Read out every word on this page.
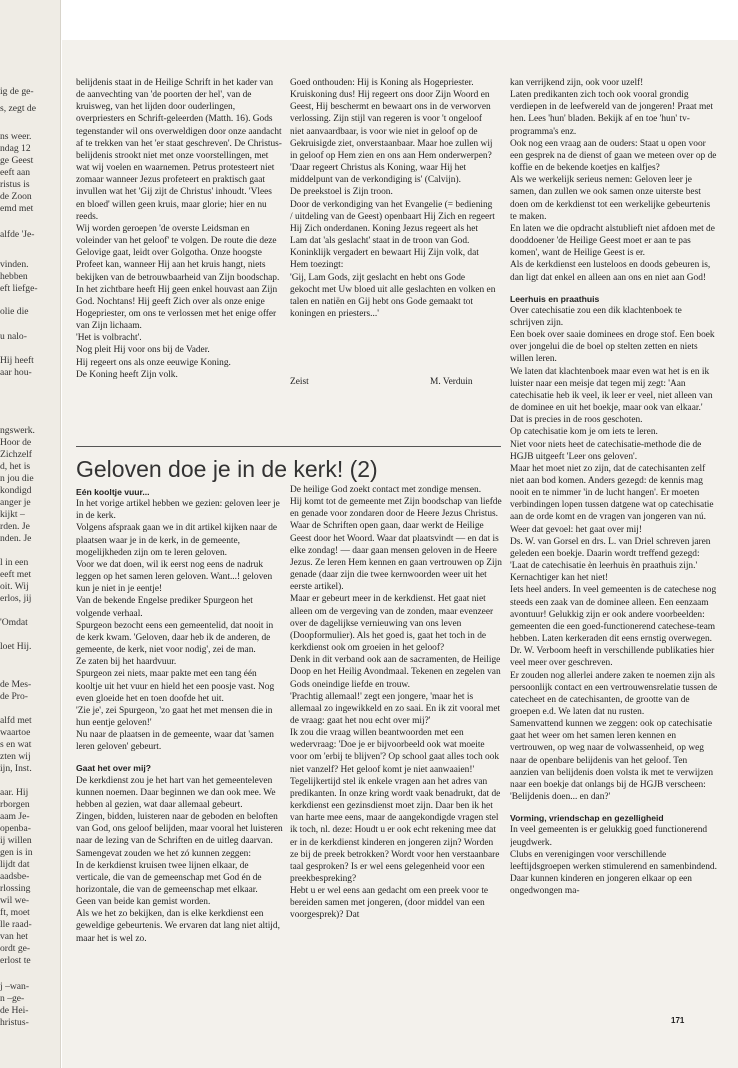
ig de ge-
s, zegt de
ns weer.
ndag 12
ge Geest
eeft aan
ristus is
de Zoon
emd met
alfde 'Je-
vinden.
hebben
eft liefge-
olie die
u nalo-
Hij heeft
aar hou-
ngswerk.
Hoor de
Zichzelf
d, het is
n jou die
kondigd
anger je
kijkt –
rden. Je
nden. Je
l in een
eeft met
oit. Wij
erlos, jij
'Omdat
loet Hij.
de Mes-
de Pro-
alfd met
waartoe
s en wat
zten wij
ijn, Inst.
aar. Hij
rborgen
aam Je-
openba-
ij willen
gen is in
lijdt dat
aadsbe-
rlossing
wil we-
ft, moet
lle raad-
van het
ordt ge-
erlost te
j –wan-
n –ge-
de Hei-
hristus-

belijdenis staat in de Heilige Schrift in het kader van de aanvechting van 'de poorten der hel', van de kruisweg, van het lijden door ouderlingen, overpriesters en Schrift-geleerden (Matth. 16). Gods tegenstander wil ons overweldigen door onze aandacht af te trekken van het 'er staat geschreven'. De Christus-belijdenis strookt niet met onze voorstellingen, met wat wij voelen en waarnemen. Petrus protesteert niet zomaar wanneer Jezus profeteert en praktisch gaat invullen wat het 'Gij zijt de Christus' inhoudt. 'Vlees en bloed' willen geen kruis, maar glorie; hier en nu reeds.

Wij worden geroepen 'de overste Leidsman en voleinder van het geloof' te volgen. De route die deze Gelovige gaat, leidt over Golgotha. Onze hoogste Profeet kan, wanneer Hij aan het kruis hangt, niets bekijken van de betrouwbaarheid van Zijn boodschap. In het zichtbare heeft Hij geen enkel houvast aan Zijn God. Nochtans! Hij geeft Zich over als onze enige Hogepriester, om ons te verlossen met het enige offer van Zijn lichaam.

'Het is volbracht'.

Nog pleit Hij voor ons bij de Vader.

Hij regeert ons als onze eeuwige Koning.

De Koning heeft Zijn volk.

Goed onthouden: Hij is Koning als Hogepriester. Kruiskoning dus! Hij regeert ons door Zijn Woord en Geest, Hij beschermt en bewaart ons in de verworven verlossing. Zijn stijl van regeren is voor 't ongeloof niet aanvaardbaar, is voor wie niet in geloof op de Gekruisigde ziet, onverstaanbaar. Maar hoe zullen wij in geloof op Hem zien en ons aan Hem onderwerpen? 'Daar regeert Christus als Koning, waar Hij het middelpunt van de verkondiging is' (Calvijn).

De preekstoel is Zijn troon.

Door de verkondiging van het Evangelie (= bediening / uitdeling van de Geest) openbaart Hij Zich en regeert Hij Zich onderdanen. Koning Jezus regeert als het Lam dat 'als geslacht' staat in de troon van God. Koninklijk vergadert en bewaart Hij Zijn volk, dat Hem toezingt:

'Gij, Lam Gods, zijt geslacht en hebt ons Gode gekocht met Uw bloed uit alle geslachten en volken en talen en natiën en Gij hebt ons Gode gemaakt tot koningen en priesters...'

Zeist	M. Verduin
Geloven doe je in de kerk! (2)

Eén kooltje vuur...

In het vorige artikel hebben we gezien: geloven leer je in de kerk.

Volgens afspraak gaan we in dit artikel kijken naar de plaatsen waar je in de kerk, in de gemeente, mogelijkheden zijn om te leren geloven.

Voor we dat doen, wil ik eerst nog eens de nadruk leggen op het samen leren geloven. Want...! geloven kun je niet in je eentje!

Van de bekende Engelse prediker Spurgeon het volgende verhaal.

Spurgeon bezocht eens een gemeentelid, dat nooit in de kerk kwam. 'Geloven, daar heb ik de anderen, de gemeente, de kerk, niet voor nodig', zei de man.

Ze zaten bij het haardvuur.

Spurgeon zei niets, maar pakte met een tang één kooltje uit het vuur en hield het een poosje vast. Nog even gloeide het en toen doofde het uit.

'Zie je', zei Spurgeon, 'zo gaat het met mensen die in hun eentje geloven!'

Nu naar de plaatsen in de gemeente, waar dat 'samen leren geloven' gebeurt.

Gaat het over mij?

De kerkdienst zou je het hart van het gemeenteleven kunnen noemen. Daar beginnen we dan ook mee. We hebben al gezien, wat daar allemaal gebeurt.

Zingen, bidden, luisteren naar de geboden en beloften van God, ons geloof belijden, maar vooral het luisteren naar de lezing van de Schriften en de uitleg daarvan.

Samengevat zouden we het zó kunnen zeggen:

In de kerkdienst kruisen twee lijnen elkaar, de verticale, die van de gemeenschap met God én de horizontale, die van de gemeenschap met elkaar.

Geen van beide kan gemist worden.

Als we het zo bekijken, dan is elke kerkdienst een geweldige gebeurtenis. We ervaren dat lang niet altijd, maar het is wel zo.

De heilige God zoekt contact met zondige mensen.

Hij komt tot de gemeente met Zijn boodschap van liefde en genade voor zondaren door de Heere Jezus Christus.

Waar de Schriften open gaan, daar werkt de Heilige Geest door het Woord. Waar dat plaatsvindt — en dat is elke zondag! — daar gaan mensen geloven in de Heere Jezus. Ze leren Hem kennen en gaan vertrouwen op Zijn genade (daar zijn die twee kernwoorden weer uit het eerste artikel).

Maar er gebeurt meer in de kerkdienst. Het gaat niet alleen om de vergeving van de zonden, maar evenzeer over de dagelijkse vernieuwing van ons leven (Doopformulier). Als het goed is, gaat het toch in de kerkdienst ook om groeien in het geloof?

Denk in dit verband ook aan de sacramenten, de Heilige Doop en het Heilig Avondmaal. Tekenen en zegelen van Gods oneindige liefde en trouw.

'Prachtig allemaal!' zegt een jongere, 'maar het is allemaal zo ingewikkeld en zo saai. En ik zit vooral met de vraag: gaat het nou echt over mij?'

Ik zou die vraag willen beantwoorden met een wedervraag: 'Doe je er bijvoorbeeld ook wat moeite voor om 'erbij te blijven'? Op school gaat alles toch ook niet vanzelf? Het geloof komt je niet aanwaaien!'

Tegelijkertijd stel ik enkele vragen aan het adres van predikanten. In onze kring wordt vaak benadrukt, dat de kerkdienst een gezinsdienst moet zijn. Daar ben ik het van harte mee eens, maar de aangekondigde vragen stel ik toch, nl. deze: Houdt u er ook echt rekening mee dat er in de kerkdienst kinderen en jongeren zijn? Worden ze bij de preek betrokken? Wordt voor hen verstaanbare taal gesproken? Is er wel eens gelegenheid voor een preekbespreking?

Hebt u er wel eens aan gedacht om een preek voor te bereiden samen met jongeren, (door middel van een voorgesprek)? Dat

kan verrijkend zijn, ook voor uzelf!

Laten predikanten zich toch ook vooral grondig verdiepen in de leefwereld van de jongeren! Praat met hen. Lees 'hun' bladen. Bekijk af en toe 'hun' tv-programma's enz.

Ook nog een vraag aan de ouders: Staat u open voor een gesprek na de dienst of gaan we meteen over op de koffie en de bekende koetjes en kalfjes?

Als we werkelijk serieus nemen: Geloven leer je samen, dan zullen we ook samen onze uiterste best doen om de kerkdienst tot een werkelijke gebeurtenis te maken.

En laten we die opdracht alstublieft niet afdoen met de dooddoener 'de Heilige Geest moet er aan te pas komen', want de Heilige Geest is er.

Als de kerkdienst een lusteloos en doods gebeuren is, dan ligt dat enkel en alleen aan ons en niet aan God!

Leerhuis en praathuis

Over catechisatie zou een dik klachtenboek te schrijven zijn.

Een boek over saaie dominees en droge stof. Een boek over jongelui die de boel op stelten zetten en niets willen leren.

We laten dat klachtenboek maar even wat het is en ik luister naar een meisje dat tegen mij zegt: 'Aan catechisatie heb ik veel, ik leer er veel, niet alleen van de dominee en uit het boekje, maar ook van elkaar.' Dat is precies in de roos geschoten.

Op catechisatie kom je om iets te leren.

Niet voor niets heet de catechisatie-methode die de HGJB uitgeeft 'Leer ons geloven'.

Maar het moet niet zo zijn, dat de catechisanten zelf niet aan bod komen. Anders gezegd: de kennis mag nooit en te nimmer 'in de lucht hangen'. Er moeten verbindingen lopen tussen datgene wat op catechisatie aan de orde komt en de vragen van jongeren van nú. Weer dat gevoel: het gaat over mij!

Ds. W. van Gorsel en drs. L. van Driel schreven jaren geleden een boekje. Daarin wordt treffend gezegd: 'Laat de catechisatie èn leerhuis èn praathuis zijn.' Kernachtiger kan het niet!

Iets heel anders. In veel gemeenten is de catechese nog steeds een zaak van de dominee alleen. Een eenzaam avontuur! Gelukkig zijn er ook andere voorbeelden: gemeenten die een goed-functionerend catechese-team hebben. Laten kerkeraden dit eens ernstig overwegen. Dr. W. Verboom heeft in verschillende publikaties hier veel meer over geschreven.

Er zouden nog allerlei andere zaken te noemen zijn als persoonlijk contact en een vertrouwensrelatie tussen de catecheet en de catechisanten, de grootte van de groepen e.d. We laten dat nu rusten.

Samenvattend kunnen we zeggen: ook op catechisatie gaat het weer om het samen leren kennen en vertrouwen, op weg naar de volwassenheid, op weg naar de openbare belijdenis van het geloof. Ten aanzien van belijdenis doen volsta ik met te verwijzen naar een boekje dat onlangs bij de HGJB verscheen: 'Belijdenis doen... en dan?'

Vorming, vriendschap en gezelligheid

In veel gemeenten is er gelukkig goed functionerend jeugdwerk.

Clubs en verenigingen voor verschillende leeftijdsgroepen werken stimulerend en samenbindend. Daar kunnen kinderen en jongeren elkaar op een ongedwongen ma-

171
